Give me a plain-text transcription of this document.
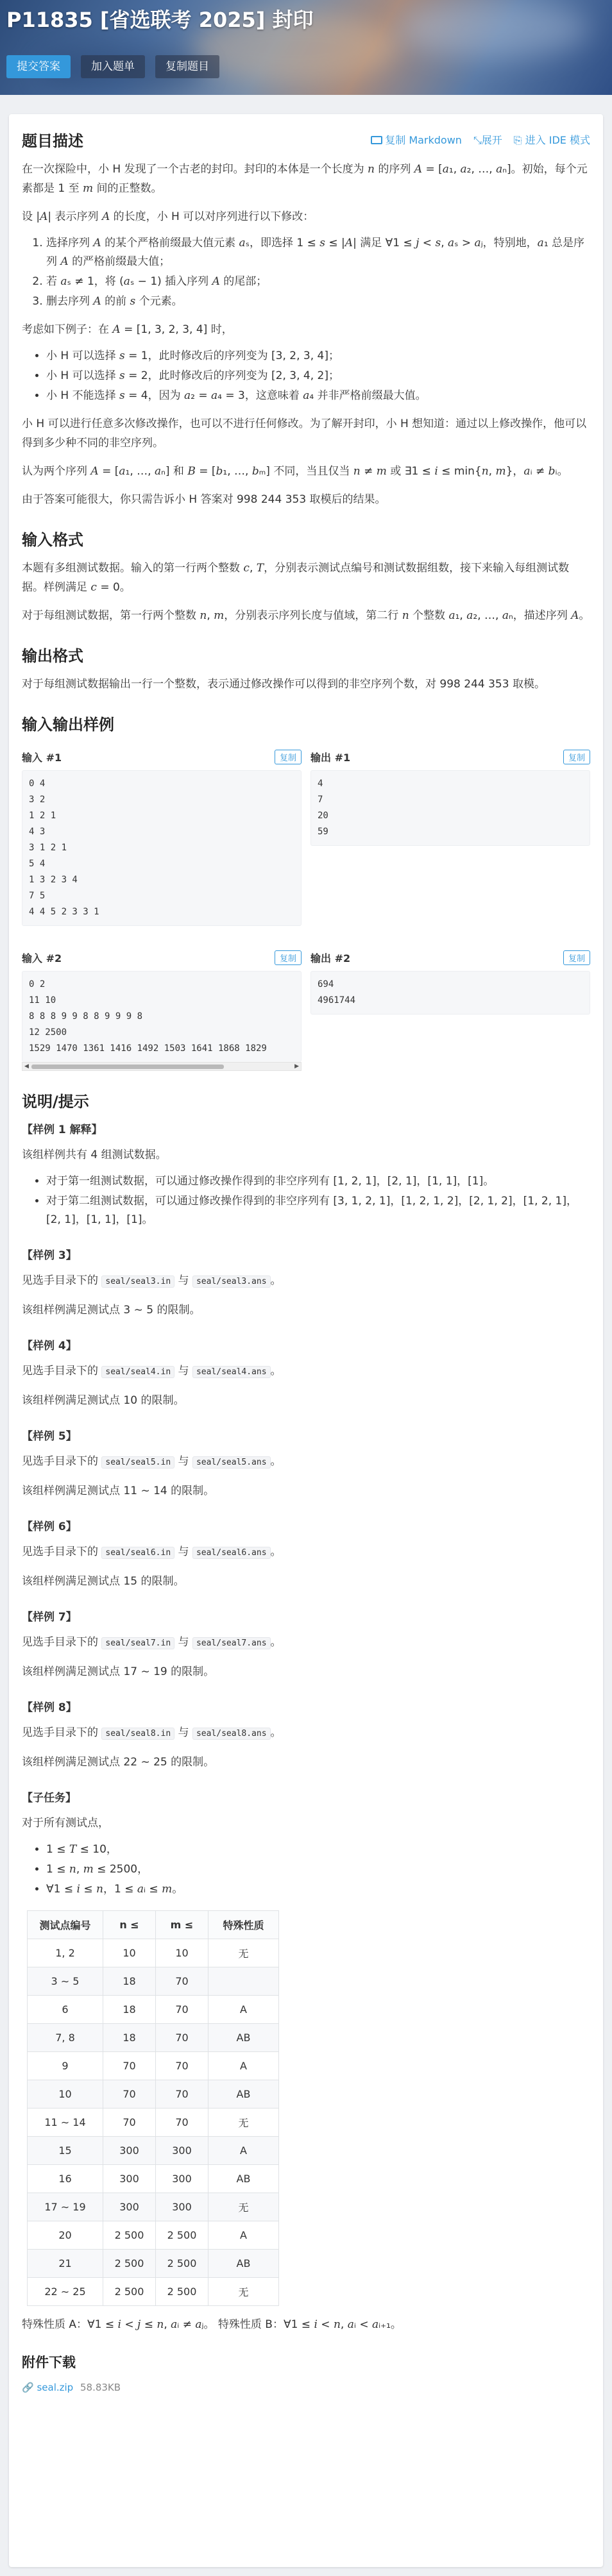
P11835 [省选联考 2025] 封印
提交答案	加入题单	复制题目
题目描述	复制 Markdown ⤡展开 ⎘ 进入 IDE 模式

在一次探险中，小 H 发现了一个古老的封印。封印的本体是一个长度为 n 的序列 A = [a₁, a₂, …, aₙ]。初始，每个元素都是 1 至 m 间的正整数。

设 |A| 表示序列 A 的长度，小 H 可以对序列进行以下修改：

1. 选择序列 A 的某个严格前缀最大值元素 aₛ，即选择 1 ≤ s ≤ |A| 满足 ∀1 ≤ j < s, aₛ > aⱼ，特别地，a₁ 总是序列 A 的严格前缀最大值；
2. 若 aₛ ≠ 1，将 (aₛ − 1) 插入序列 A 的尾部；
3. 删去序列 A 的前 s 个元素。

考虑如下例子：在 A = [1, 3, 2, 3, 4] 时，

• 小 H 可以选择 s = 1，此时修改后的序列变为 [3, 2, 3, 4]；
• 小 H 可以选择 s = 2，此时修改后的序列变为 [2, 3, 4, 2]；
• 小 H 不能选择 s = 4，因为 a₂ = a₄ = 3，这意味着 a₄ 并非严格前缀最大值。

小 H 可以进行任意多次修改操作，也可以不进行任何修改。为了解开封印，小 H 想知道：通过以上修改操作，他可以得到多少种不同的非空序列。

认为两个序列 A = [a₁, …, aₙ] 和 B = [b₁, …, bₘ] 不同，当且仅当 n ≠ m 或 ∃1 ≤ i ≤ min{n, m}，aᵢ ≠ bᵢ。

由于答案可能很大，你只需告诉小 H 答案对 998 244 353 取模后的结果。

输入格式

本题有多组测试数据。输入的第一行两个整数 c, T，分别表示测试点编号和测试数据组数，接下来输入每组测试数据。样例满足 c = 0。

对于每组测试数据，第一行两个整数 n, m，分别表示序列长度与值域，第二行 n 个整数 a₁, a₂, …, aₙ，描述序列 A。

输出格式

对于每组测试数据输出一行一个整数，表示通过修改操作可以得到的非空序列个数，对 998 244 353 取模。

输入输出样例
输入 #1	复制
0 4
3 2
1 2 1
4 3
3 1 2 1
5 4
1 3 2 3 4
7 5
4 4 5 2 3 3 1
输出 #1	复制
4
7
20
59
输入 #2	复制
0 2
11 10
8 8 8 9 9 8 8 9 9 9 8
12 2500
1529 1470 1361 1416 1492 1503 1641 1868 1829
◀	▶
输出 #2	复制
694
4961744
说明/提示
【样例 1 解释】

该组样例共有 4 组测试数据。

• 对于第一组测试数据，可以通过修改操作得到的非空序列有 [1, 2, 1]，[2, 1]，[1, 1]，[1]。
• 对于第二组测试数据，可以通过修改操作得到的非空序列有 [3, 1, 2, 1]，[1, 2, 1, 2]，[2, 1, 2]，[1, 2, 1]，[2, 1]，[1, 1]，[1]。
【样例 3】

见选手目录下的 seal/seal3.in 与 seal/seal3.ans 。

该组样例满足测试点 3 ∼ 5 的限制。

【样例 4】

见选手目录下的 seal/seal4.in 与 seal/seal4.ans 。

该组样例满足测试点 10 的限制。

【样例 5】

见选手目录下的 seal/seal5.in 与 seal/seal5.ans 。

该组样例满足测试点 11 ∼ 14 的限制。

【样例 6】

见选手目录下的 seal/seal6.in 与 seal/seal6.ans 。

该组样例满足测试点 15 的限制。

【样例 7】

见选手目录下的 seal/seal7.in 与 seal/seal7.ans 。

该组样例满足测试点 17 ∼ 19 的限制。

【样例 8】

见选手目录下的 seal/seal8.in 与 seal/seal8.ans 。

该组样例满足测试点 22 ∼ 25 的限制。

【子任务】

对于所有测试点，

• 1 ≤ T ≤ 10，
• 1 ≤ n, m ≤ 2500，
• ∀1 ≤ i ≤ n，1 ≤ aᵢ ≤ m。
测试点编号	n ≤	m ≤	特殊性质
1, 2	10	10	无
3 ∼ 5	18	70	
6	18	70	A
7, 8	18	70	AB
9	70	70	A
10	70	70	AB
11 ∼ 14	70	70	无
15	300	300	A
16	300	300	AB
17 ∼ 19	300	300	无
20	2 500	2 500	A
21	2 500	2 500	AB
22 ∼ 25	2 500	2 500	无

特殊性质 A：∀1 ≤ i < j ≤ n, aᵢ ≠ aⱼ。 特殊性质 B：∀1 ≤ i < n, aᵢ < aᵢ₊₁。

附件下载
🔗 seal.zip 58.83KB
